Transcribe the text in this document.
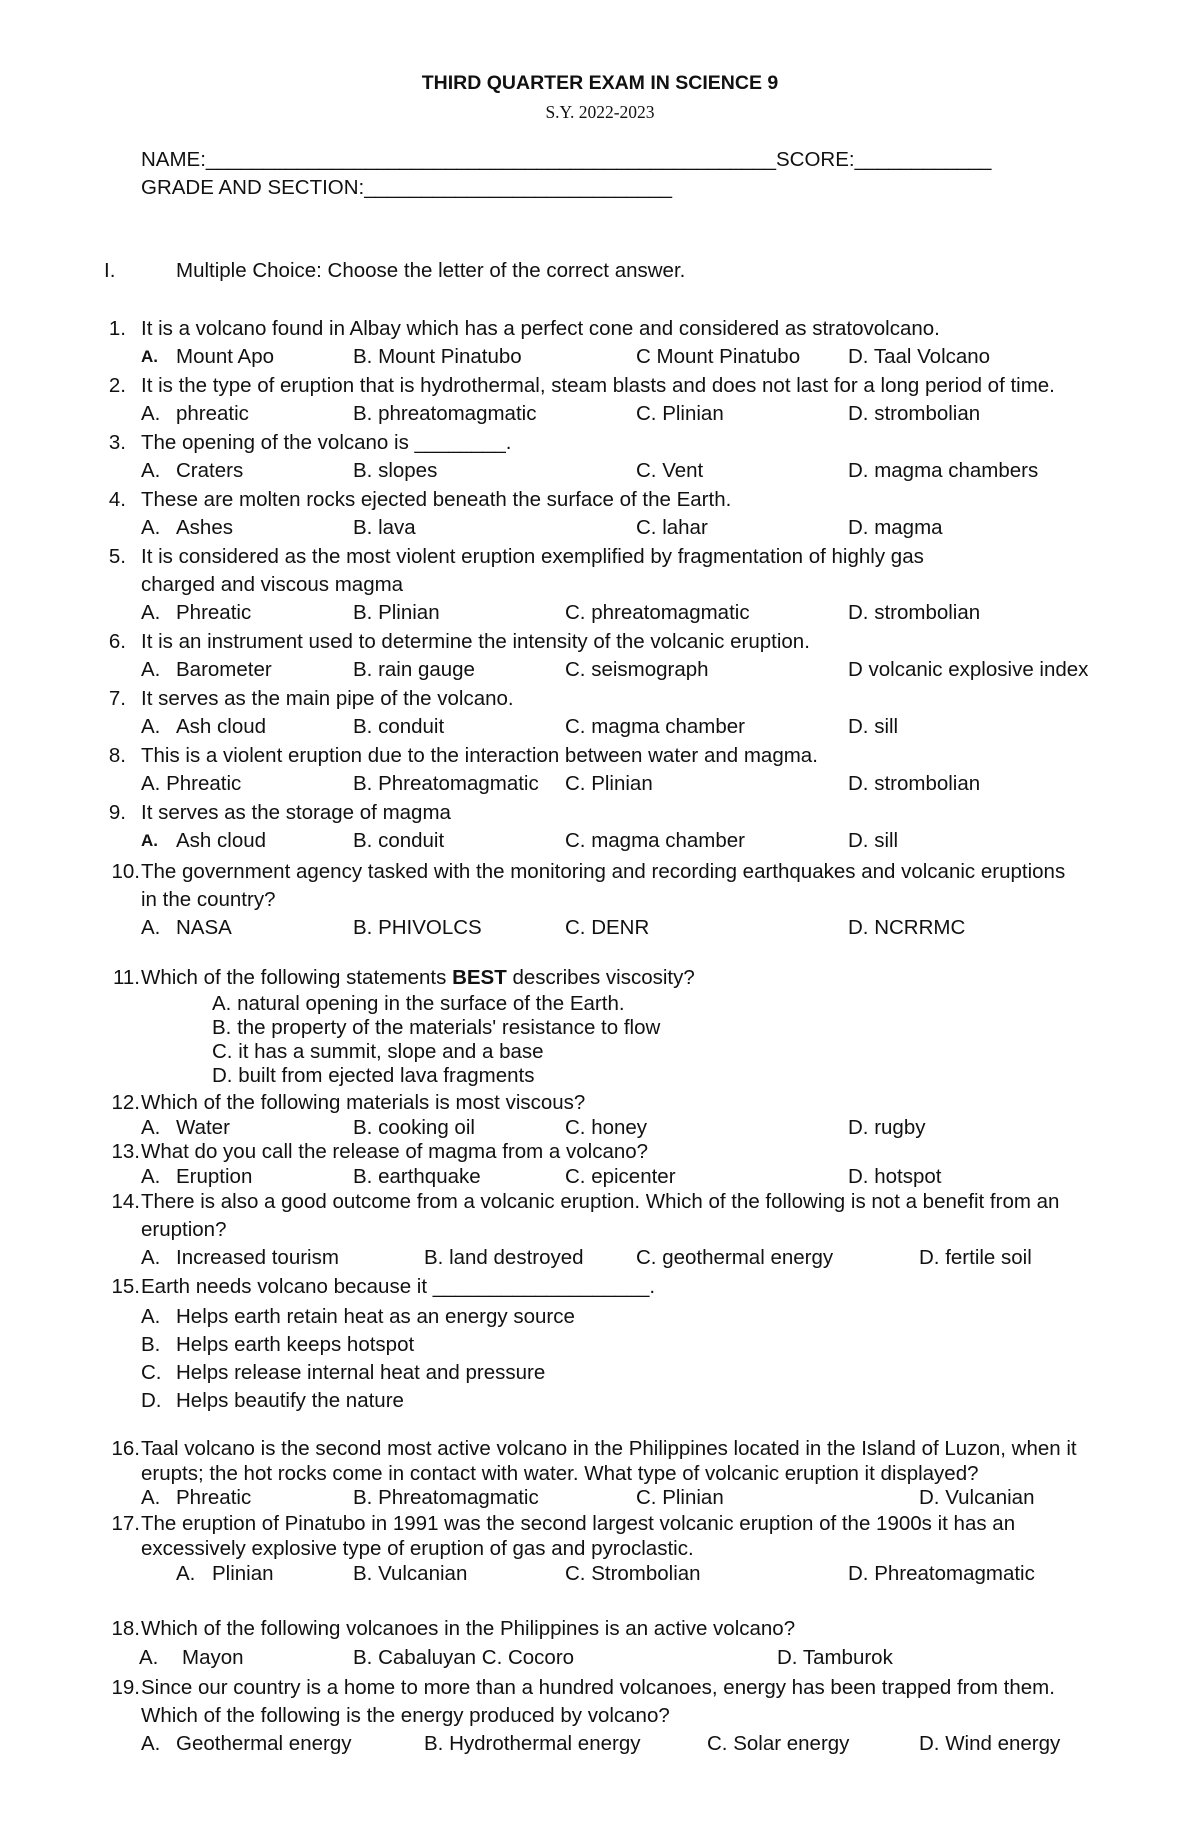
THIRD QUARTER EXAM IN SCIENCE 9
S.Y. 2022-2023
NAME:__________________________________________________SCORE:____________
GRADE AND SECTION:___________________________
I.	Multiple Choice: Choose the letter of the correct answer.
1. It is a volcano found in Albay which has a perfect cone and considered as stratovolcano.
A. Mount Apo	B. Mount Pinatubo	C Mount Pinatubo D. Taal Volcano
2. It is the type of eruption that is hydrothermal, steam blasts and does not last for a long period of time.
A. phreatic	B. phreatomagmatic	C. Plinian	D. strombolian
3. The opening of the volcano is ________.
A. Craters	B. slopes	C. Vent	D. magma chambers
4. These are molten rocks ejected beneath the surface of the Earth.
A. Ashes	B. lava	C. lahar	D. magma
5. It is considered as the most violent eruption exemplified by fragmentation of highly gas
charged and viscous magma
A. Phreatic	B. Plinian	C. phreatomagmatic	D. strombolian
6. It is an instrument used to determine the intensity of the volcanic eruption.
A. Barometer	B. rain gauge	C. seismograph	D volcanic explosive index
7. It serves as the main pipe of the volcano.
A. Ash cloud	B. conduit	C. magma chamber	D. sill
8. This is a violent eruption due to the interaction between water and magma.
A. Phreatic	B. Phreatomagmatic C. Plinian	D. strombolian
9. It serves as the storage of magma
A. Ash cloud	B. conduit	C. magma chamber	D. sill
10. The government agency tasked with the monitoring and recording earthquakes and volcanic eruptions
in the country?
A. NASA	B. PHIVOLCS	C. DENR	D. NCRRMC
11. Which of the following statements BEST describes viscosity?
A. natural opening in the surface of the Earth.
B. the property of the materials' resistance to flow
C. it has a summit, slope and a base
D. built from ejected lava fragments
12. Which of the following materials is most viscous?
A. Water	B. cooking oil	C. honey	D. rugby
13. What do you call the release of magma from a volcano?
A. Eruption	B. earthquake	C. epicenter	D. hotspot
14. There is also a good outcome from a volcanic eruption. Which of the following is not a benefit from an
eruption?
A. Increased tourism	B. land destroyed	C. geothermal energy	D. fertile soil
15. Earth needs volcano because it ___________________.
A. Helps earth retain heat as an energy source
B. Helps earth keeps hotspot
C. Helps release internal heat and pressure
D. Helps beautify the nature
16. Taal volcano is the second most active volcano in the Philippines located in the Island of Luzon, when it
erupts; the hot rocks come in contact with water. What type of volcanic eruption it displayed?
A. Phreatic	B. Phreatomagmatic	C. Plinian	D. Vulcanian
17. The eruption of Pinatubo in 1991 was the second largest volcanic eruption of the 1900s it has an
excessively explosive type of eruption of gas and pyroclastic.
A. Plinian	B. Vulcanian	C. Strombolian	D. Phreatomagmatic
18. Which of the following volcanoes in the Philippines is an active volcano?
A. Mayon	B. Cabaluyan C. Cocoro	D. Tamburok
19. Since our country is a home to more than a hundred volcanoes, energy has been trapped from them.
Which of the following is the energy produced by volcano?
A. Geothermal energy	B. Hydrothermal energy	C. Solar energy	D. Wind energy
